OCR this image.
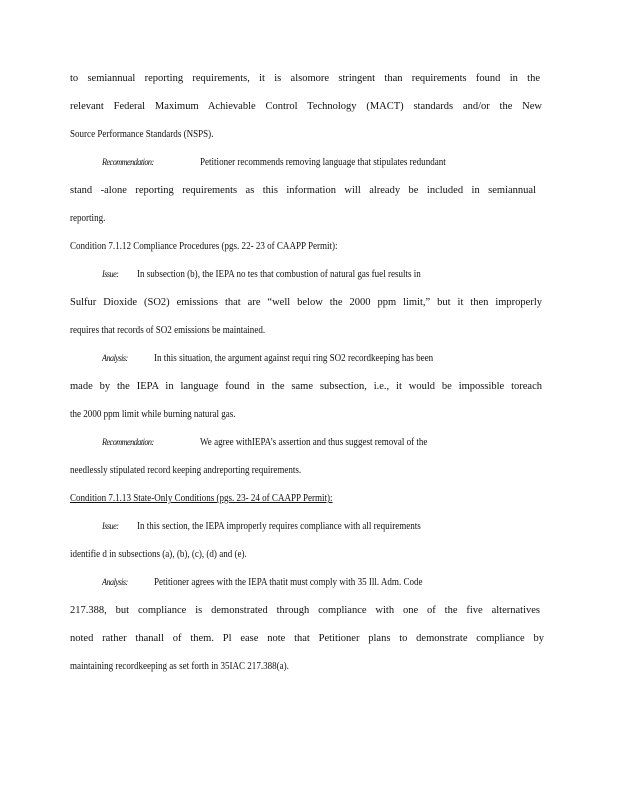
to semiannual reporting requirements, it is alsomore stringent than requirements found in the
relevant Federal Maximum Achievable Control Technology (MACT) standards and/or the New
Source Performance Standards (NSPS).
Recommendation:	Petitioner recommends removing language that stipulates redundant
stand -alone reporting requirements as this information will already be included in semiannual
reporting.
Condition 7.1.12 Compliance Procedures (pgs. 22- 23 of CAAPP Permit):
Issue: In subsection (b), the IEPA no tes that combustion of natural gas fuel results in
Sulfur Dioxide (SO2) emissions that are “well below the 2000 ppm limit,” but it then improperly
requires that records of SO2 emissions be maintained.
Analysis: In this situation, the argument against requi ring SO2 recordkeeping has been
made by the IEPA in language found in the same subsection, i.e., it would be impossible toreach
the 2000 ppm limit while burning natural gas.
Recommendation:	We agree withIEPA’s assertion and thus suggest removal of the
needlessly stipulated record keeping andreporting requirements.
Condition 7.1.13 State-Only Conditions (pgs. 23- 24 of CAAPP Permit):
Issue: In this section, the IEPA improperly requires compliance with all requirements
identifie d in subsections (a), (b), (c), (d) and (e).
Analysis: Petitioner agrees with the IEPA thatit must comply with 35 Ill. Adm. Code
217.388, but compliance is demonstrated through compliance with one of the five alternatives
noted rather thanall of them. Pl ease note that Petitioner plans to demonstrate compliance by
maintaining recordkeeping as set forth in 35IAC 217.388(a).
